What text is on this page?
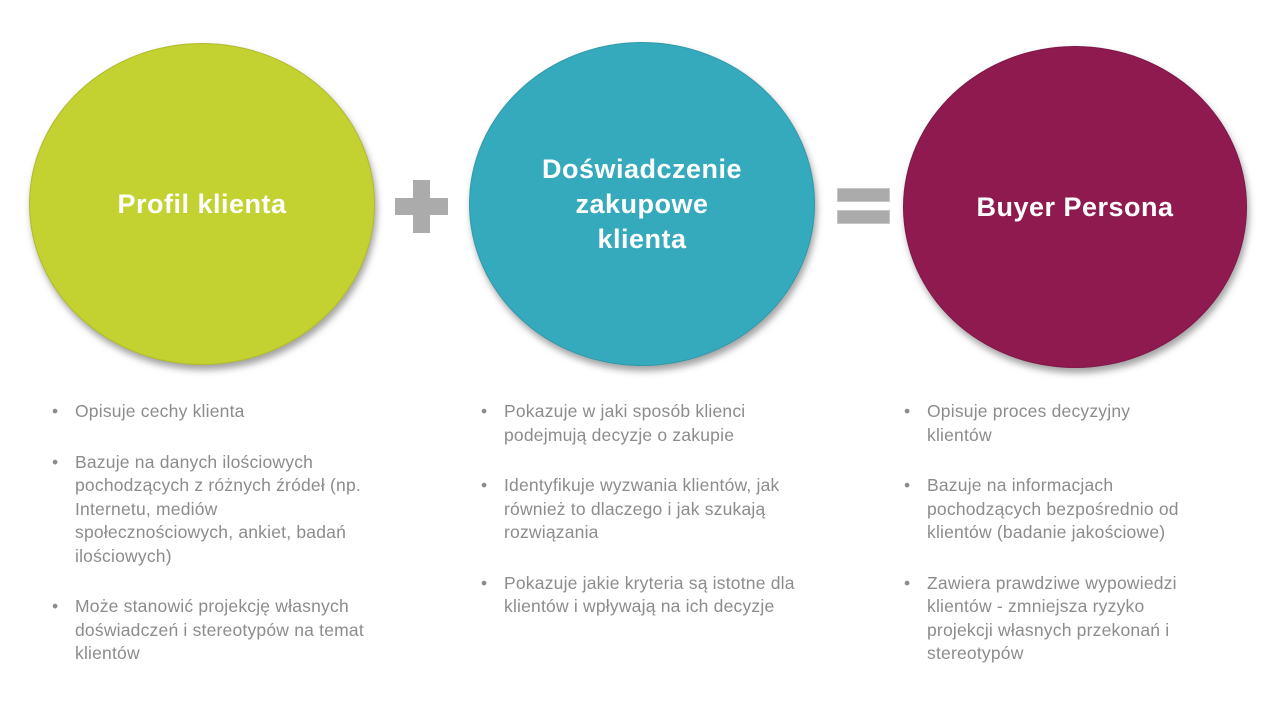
Profil klienta
Doświadczenie
zakupowe
klienta
Buyer Persona
• Opisuje cechy klienta
• Bazuje na danych ilościowych pochodzących z różnych źródeł (np. Internetu, mediów społecznościowych, ankiet, badań ilościowych)
• Może stanowić projekcję własnych doświadczeń i stereotypów na temat klientów
• Pokazuje w jaki sposób klienci podejmują decyzje o zakupie
• Identyfikuje wyzwania klientów, jak również to dlaczego i jak szukają rozwiązania
• Pokazuje jakie kryteria są istotne dla klientów i wpływają na ich decyzje
• Opisuje proces decyzyjny klientów
• Bazuje na informacjach pochodzących bezpośrednio od klientów (badanie jakościowe)
• Zawiera prawdziwe wypowiedzi klientów - zmniejsza ryzyko projekcji własnych przekonań i stereotypów
